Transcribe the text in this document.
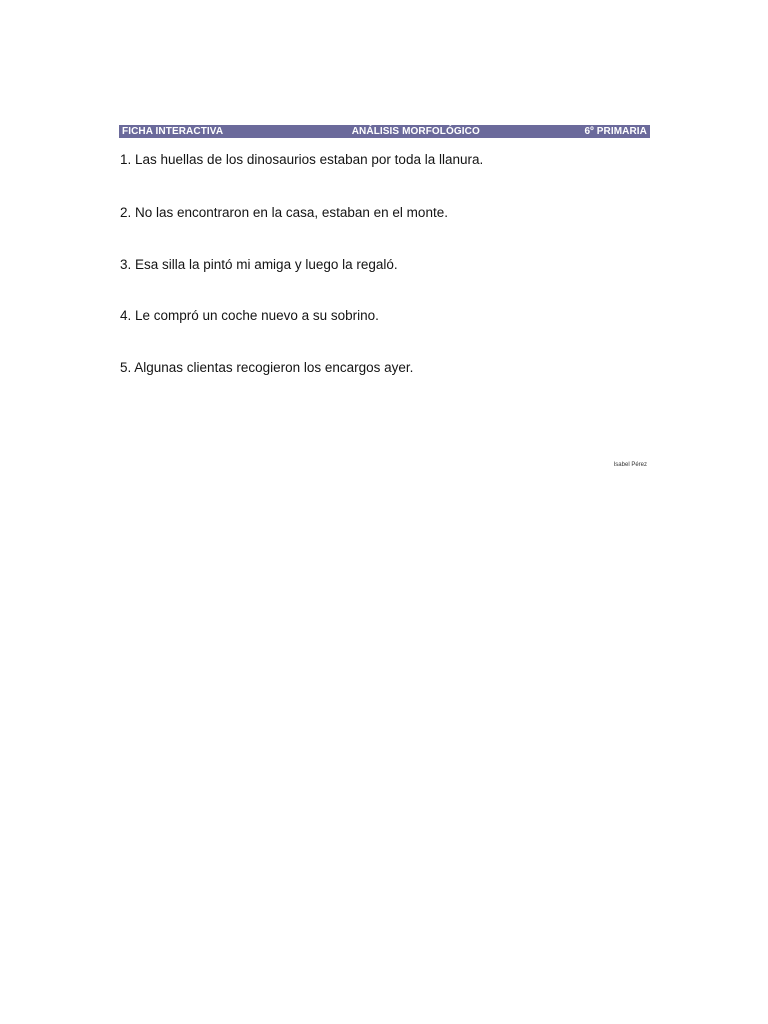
FICHA INTERACTIVA	ANÁLISIS MORFOLÓGICO	6º PRIMARIA
1. Las huellas de los dinosaurios estaban por toda la llanura.
2. No las encontraron en la casa, estaban en el monte.
3. Esa silla la pintó mi amiga y luego la regaló.
4. Le compró un coche nuevo a su sobrino.
5. Algunas clientas recogieron los encargos ayer.
Isabel Pérez
